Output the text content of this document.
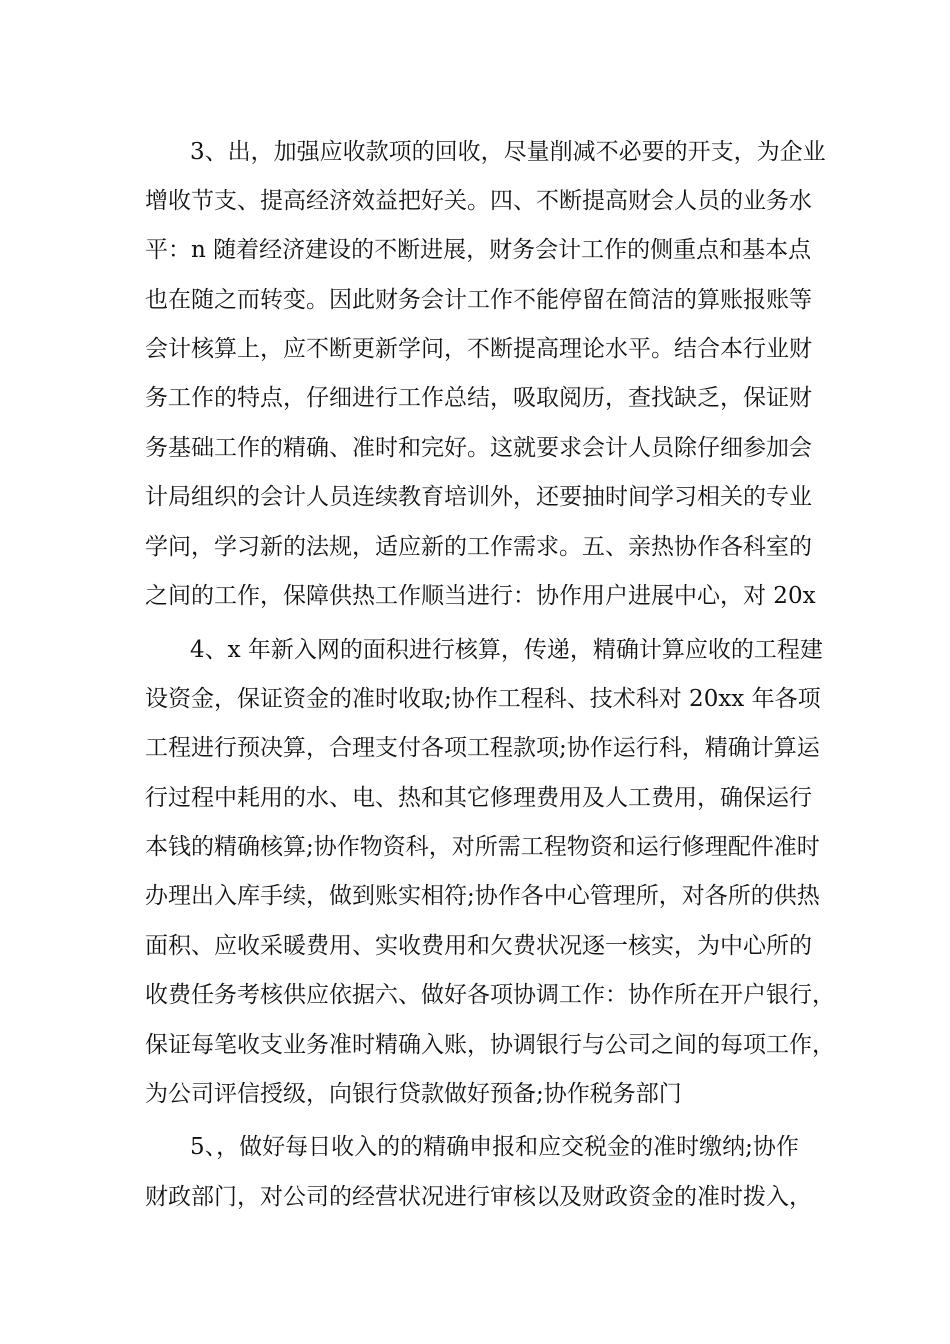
3、出，加强应收款项的回收，尽量削减不必要的开支，为企业

增收节支、提高经济效益把好关。四、不断提高财会人员的业务水

平：n 随着经济建设的不断进展，财务会计工作的侧重点和基本点

也在随之而转变。因此财务会计工作不能停留在简洁的算账报账等

会计核算上，应不断更新学问，不断提高理论水平。结合本行业财

务工作的特点，仔细进行工作总结，吸取阅历，查找缺乏，保证财

务基础工作的精确、准时和完好。这就要求会计人员除仔细参加会

计局组织的会计人员连续教育培训外，还要抽时间学习相关的专业

学问，学习新的法规，适应新的工作需求。五、亲热协作各科室的

之间的工作，保障供热工作顺当进行：协作用户进展中心，对 20x

4、x 年新入网的面积进行核算，传递，精确计算应收的工程建

设资金，保证资金的准时收取;协作工程科、技术科对 20xx 年各项

工程进行预决算，合理支付各项工程款项;协作运行科，精确计算运

行过程中耗用的水、电、热和其它修理费用及人工费用，确保运行

本钱的精确核算;协作物资科，对所需工程物资和运行修理配件准时

办理出入库手续，做到账实相符;协作各中心管理所，对各所的供热

面积、应收采暖费用、实收费用和欠费状况逐一核实，为中心所的

收费任务考核供应依据六、做好各项协调工作：协作所在开户银行，

保证每笔收支业务准时精确入账，协调银行与公司之间的每项工作，

为公司评信授级，向银行贷款做好预备;协作税务部门

5、，做好每日收入的的精确申报和应交税金的准时缴纳;协作

财政部门，对公司的经营状况进行审核以及财政资金的准时拨入，
